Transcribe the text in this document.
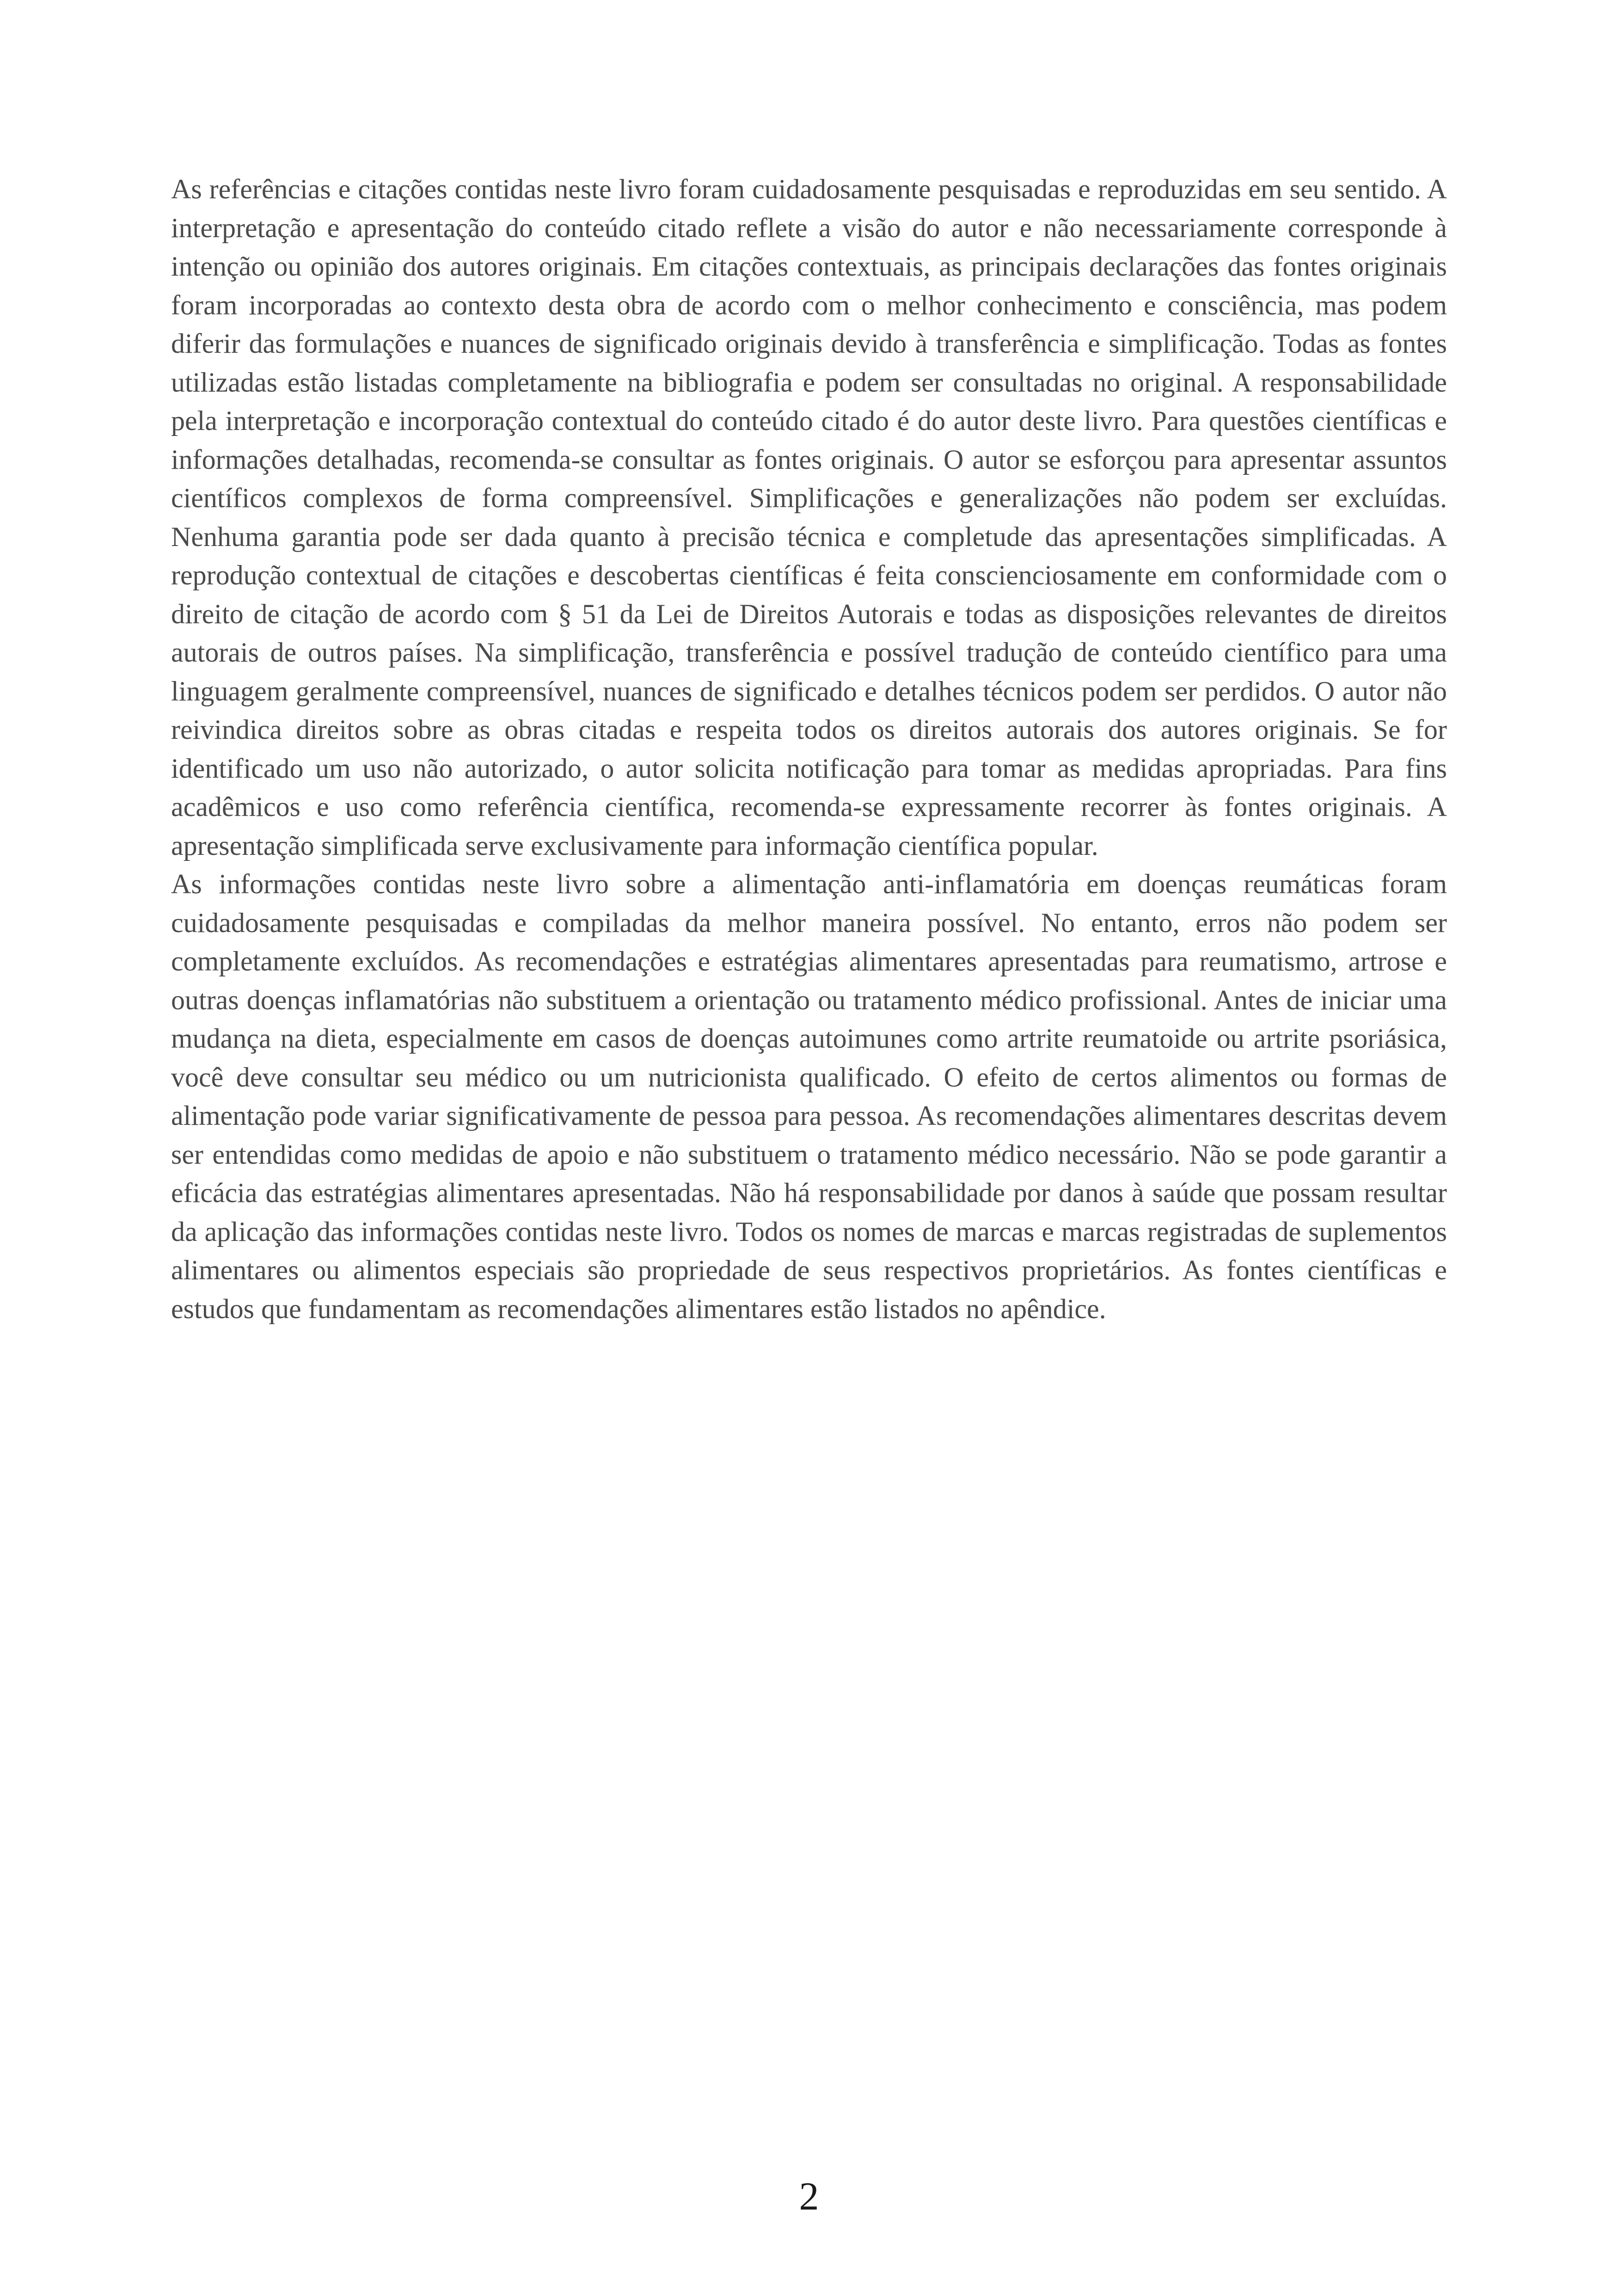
As referências e citações contidas neste livro foram cuidadosamente pesquisadas e reproduzidas em seu sentido. A interpretação e apresentação do conteúdo citado reflete a visão do autor e não necessariamente corresponde à intenção ou opinião dos autores originais. Em citações contextuais, as principais declarações das fontes originais foram incorporadas ao contexto desta obra de acordo com o melhor conhecimento e consciência, mas podem diferir das formulações e nuances de significado originais devido à transferência e simplificação. Todas as fontes utilizadas estão listadas completamente na bibliografia e podem ser consultadas no original. A responsabilidade pela interpretação e incorporação contextual do conteúdo citado é do autor deste livro. Para questões científicas e informações detalhadas, recomenda-se consultar as fontes originais. O autor se esforçou para apresentar assuntos científicos complexos de forma compreensível. Simplificações e generalizações não podem ser excluídas. Nenhuma garantia pode ser dada quanto à precisão técnica e completude das apresentações simplificadas. A reprodução contextual de citações e descobertas científicas é feita conscienciosamente em conformidade com o direito de citação de acordo com § 51 da Lei de Direitos Autorais e todas as disposições relevantes de direitos autorais de outros países. Na simplificação, transferência e possível tradução de conteúdo científico para uma linguagem geralmente compreensível, nuances de significado e detalhes técnicos podem ser perdidos. O autor não reivindica direitos sobre as obras citadas e respeita todos os direitos autorais dos autores originais. Se for identificado um uso não autorizado, o autor solicita notificação para tomar as medidas apropriadas. Para fins acadêmicos e uso como referência científica, recomenda-se expressamente recorrer às fontes originais. A apresentação simplificada serve exclusivamente para informação científica popular.

As informações contidas neste livro sobre a alimentação anti-inflamatória em doenças reumáticas foram cuidadosamente pesquisadas e compiladas da melhor maneira possível. No entanto, erros não podem ser completamente excluídos. As recomendações e estratégias alimentares apresentadas para reumatismo, artrose e outras doenças inflamatórias não substituem a orientação ou tratamento médico profissional. Antes de iniciar uma mudança na dieta, especialmente em casos de doenças autoimunes como artrite reumatoide ou artrite psoriásica, você deve consultar seu médico ou um nutricionista qualificado. O efeito de certos alimentos ou formas de alimentação pode variar significativamente de pessoa para pessoa. As recomendações alimentares descritas devem ser entendidas como medidas de apoio e não substituem o tratamento médico necessário. Não se pode garantir a eficácia das estratégias alimentares apresentadas. Não há responsabilidade por danos à saúde que possam resultar da aplicação das informações contidas neste livro. Todos os nomes de marcas e marcas registradas de suplementos alimentares ou alimentos especiais são propriedade de seus respectivos proprietários. As fontes científicas e estudos que fundamentam as recomendações alimentares estão listados no apêndice.

2
